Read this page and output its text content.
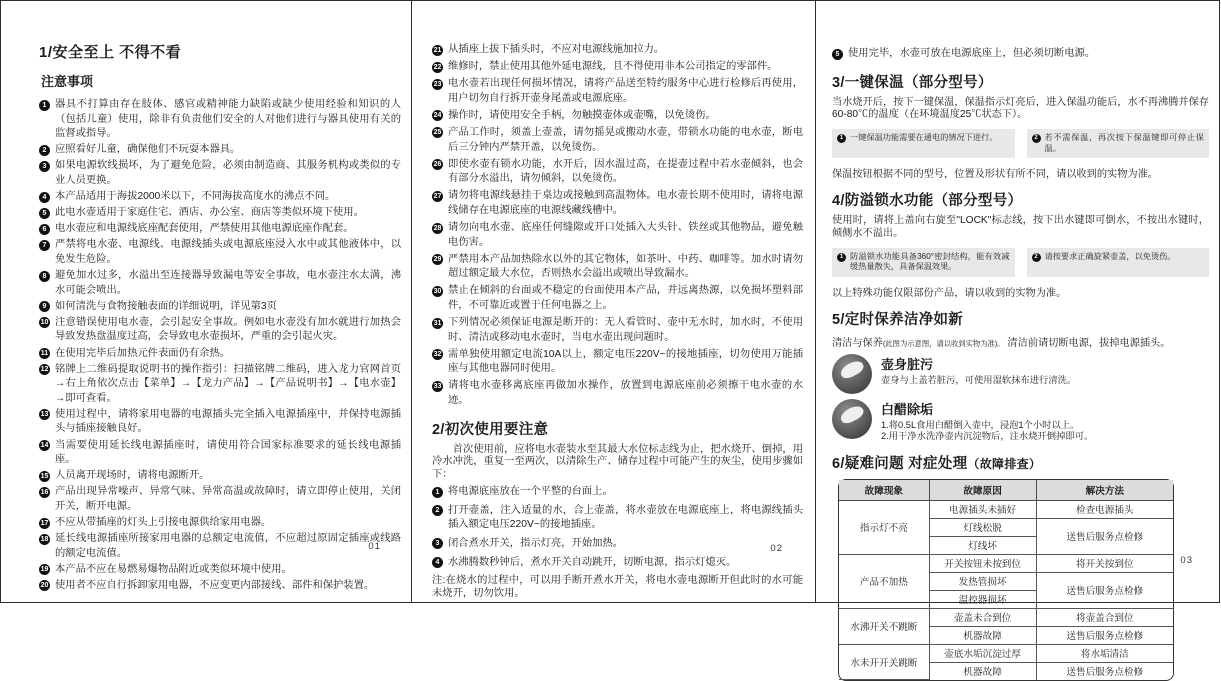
1/安全至上 不得不看
注意事项
1 器具不打算由存在肢体、感官或精神能力缺陷或缺少使用经验和知识的人（包括儿童）使用，除非有负责他们安全的人对他们进行与器具使用有关的监督或指导。
2 应照看好儿童，确保他们不玩耍本器具。
3 如果电源软线损坏，为了避免危险，必须由制造商、其服务机构或类似的专业人员更换。
4 本产品适用于海拔2000米以下，不同海拔高度水的沸点不同。
5 此电水壶适用于家庭住宅、酒店、办公室、商店等类似环境下使用。
6 电水壶应和电源线底座配套使用，严禁使用其他电源底座作配套。
7 严禁将电水壶、电源线、电源线插头或电源底座浸入水中或其他液体中，以免发生危险。
8 避免加水过多，水溢出至连接器导致漏电等安全事故，电水壶注水太满，沸水可能会喷出。
9 如何清洗与食物接触表面的详细说明，详见第3页
10 注意错误使用电水壶，会引起安全事故。例如电水壶没有加水就进行加热会导致发热盘温度过高，会导致电水壶损坏，严重的会引起火灾。
11 在使用完毕后加热元件表面仍有余热。
12 铭牌上二维码提取说明书的操作指引：扫描铭牌二维码，进入龙力官网首页→右上角依次点击【菜单】→【龙力产品】→【产品说明书】→【电水壶】→即可查看。
13 使用过程中，请将家用电器的电源插头完全插入电源插座中，并保持电源插头与插座接触良好。
14 当需要使用延长线电源插座时，请使用符合国家标准要求的延长线电源插座。
15 人员离开现场时，请将电源断开。
16 产品出现异常噪声、异常气味、异常高温或故障时，请立即停止使用，关闭开关，断开电源。
17 不应从带插座的灯头上引接电源供给家用电器。
18 延长线电源插座所接家用电器的总额定电流值，不应超过原固定插座或线路的额定电流值。
19 本产品不应在易燃易爆物品附近或类似环境中使用。
20 使用者不应自行拆卸家用电器，不应变更内部接线、部件和保护装置。
01
21 从插座上拔下插头时，不应对电源线施加拉力。
22 维修时，禁止使用其他外延电源线，且不得使用非本公司指定的零部件。
23 电水壶若出现任何损坏情况，请将产品送至特约服务中心进行检修后再使用，用户切勿自行拆开壶身尾盖或电源底座。
24 操作时，请使用安全手柄，勿触摸壶体或壶嘴，以免烫伤。
25 产品工作时，须盖上壶盖，请勿摇晃或搬动水壶，带锁水功能的电水壶，断电后三分钟内严禁开盖，以免烫伤。
26 即使水壶有锁水功能，水开后，因水温过高，在提壶过程中若水壶倾斜，也会有部分水溢出，请勿倾斜，以免烫伤。
27 请勿将电源线悬挂于桌边或接触到高温物体。电水壶长期不使用时，请将电源线储存在电源底座的电源线藏线槽中。
28 请勿向电水壶、底座任何缝隙或开口处插入大头针、铁丝或其他物品，避免触电伤害。
29 严禁用本产品加热除水以外的其它物体，如茶叶、中药、咖啡等。加水时请勿超过额定最大水位，否则热水会溢出或喷出导致漏水。
30 禁止在倾斜的台面或不稳定的台面使用本产品，并远离热源，以免损坏塑料部件，不可靠近或置于任何电器之上。
31 下列情况必须保证电源是断开的：无人看管时、壶中无水时，加水时，不使用时、清洁或移动电水壶时，当电水壶出现问题时。
32 需单独使用额定电流10A以上，额定电压220V~的接地插座，切勿使用万能插座与其他电器同时使用。
33 请将电水壶移离底座再做加水操作，放置到电源底座前必须擦干电水壶的水迹。
2/初次使用要注意

首次使用前，应将电水壶装水至其最大水位标志线为止，把水烧开、倒掉，用冷水冲洗，重复一至两次，以清除生产、储存过程中可能产生的灰尘，使用步骤如下：

1 将电源底座放在一个平整的台面上。
2 打开壶盖，注入适量的水，合上壶盖，将水壶放在电源底座上，将电源线插头插入额定电压220V~的接地插座。
3 闭合煮水开关，指示灯亮，开始加热。
4 水沸腾数秒钟后，煮水开关自动跳开，切断电源，指示灯熄灭。

注:在烧水的过程中，可以用手断开煮水开关，将电水壶电源断开但此时的水可能未烧开，切勿饮用。

02
5 使用完毕，水壶可放在电源底座上，但必须切断电源。
3/一键保温（部分型号）

当水烧开后，按下一键保温，保温指示灯亮后，进入保温功能后，水不再沸腾并保存60-80℃的温度（在环境温度25℃状态下）。

1 一键保温功能需要在通电的情况下进行。	2 若不需保温，再次按下保温键即可停止保温。

保温按钮根据不同的型号，位置及形状有所不同，请以收到的实物为准。

4/防溢锁水功能（部分型号）

使用时，请将上盖向右旋至"LOCK"标志线，按下出水键即可倒水，不按出水键时，倾侧水不溢出。

1 防溢锁水功能具备360°密封结构，能有效减缓热量散失，具备保温效果。
2 请按要求正确旋紧壶盖，以免烫伤。

以上特殊功能仅限部份产品，请以收到的实物为准。

5/定时保养洁净如新

清洁与保养(此图为示意图，请以收到实物为准)。 清洁前请切断电源，拔掉电源插头。

壶身脏污

壶身与上盖若脏污，可使用湿软抹布进行清洗。

白醋除垢

1.将0.5L食用白醋倒入壶中，浸泡1个小时以上。

2.用干净水洗净壶内沉淀物后，注水烧开倒掉即可。

6/疑难问题 对症处理（故障排查）
故障现象	故障原因	解决方法
指示灯不亮	电源插头未插好	检查电源插头
	灯线松脱	送售后服务点检修
	灯线坏	
产品不加热	开关按钮未按到位	将开关按到位
	发热管损坏	送售后服务点检修
	温控器损坏	
水沸开关不跳断	壶盖未合到位	将壶盖合到位
	机器故障	送售后服务点检修
水未开开关跳断	壶底水垢沉淀过厚	将水垢清洁
	机器故障	送售后服务点检修
03
